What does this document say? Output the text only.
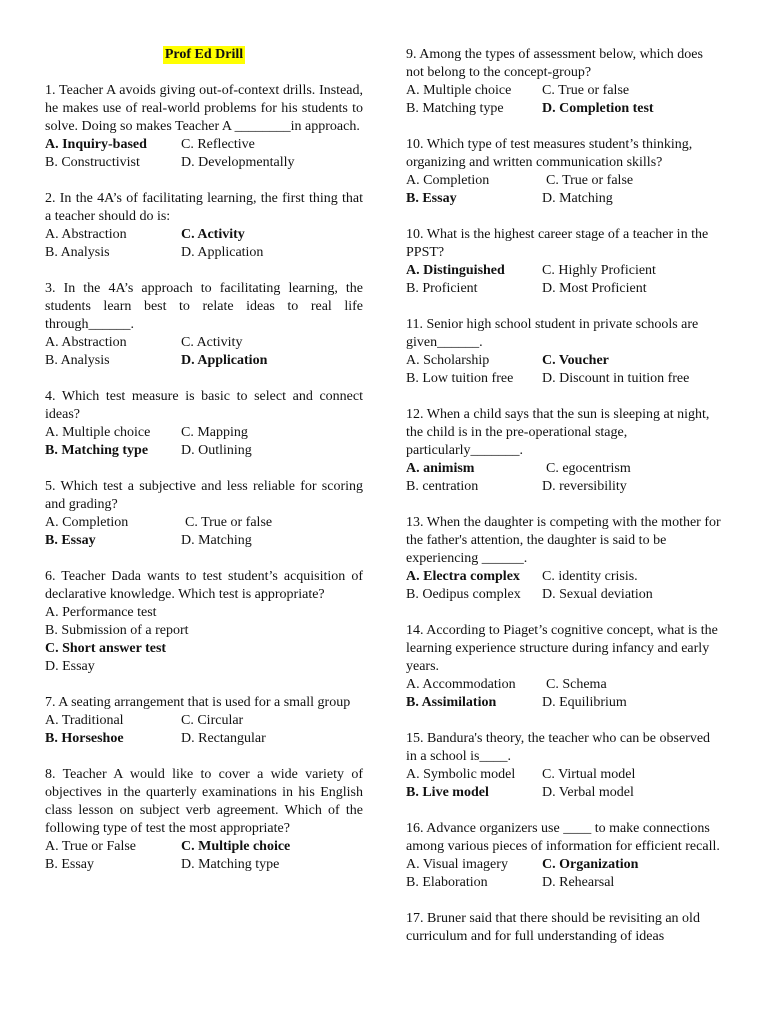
Prof Ed Drill

1. Teacher A avoids giving out-of-context drills. Instead, he makes use of real-world problems for his students to solve. Doing so makes Teacher A ________in approach.

A. Inquiry-based	C. Reflective
B. Constructivist	D. Developmentally

2. In the 4A’s of facilitating learning, the first thing that a teacher should do is:

A. Abstraction	C. Activity
B. Analysis	D. Application

3. In the 4A’s approach to facilitating learning, the students learn best to relate ideas to real life through______.

A. Abstraction	C. Activity
B. Analysis	D. Application

4. Which test measure is basic to select and connect ideas?

A. Multiple choice	C. Mapping
B. Matching type	D. Outlining

5. Which test a subjective and less reliable for scoring and grading?

A. Completion	C. True or false
B. Essay	D. Matching

6. Teacher Dada wants to test student’s acquisition of declarative knowledge. Which test is appropriate?

A. Performance test
B. Submission of a report
C. Short answer test
D. Essay

7. A seating arrangement that is used for a small group

A. Traditional	C. Circular
B. Horseshoe	D. Rectangular

8. Teacher A would like to cover a wide variety of objectives in the quarterly examinations in his English class lesson on subject verb agreement. Which of the following type of test the most appropriate?

A. True or False	C. Multiple choice
B. Essay	D. Matching type

9. Among the types of assessment below, which does not belong to the concept-group?

A. Multiple choice	C. True or false
B. Matching type	D. Completion test

10. Which type of test measures student’s thinking, organizing and written communication skills?

A. Completion	C. True or false
B. Essay	D. Matching

10. What is the highest career stage of a teacher in the PPST?

A. Distinguished	C. Highly Proficient
B. Proficient	D. Most Proficient

11. Senior high school student in private schools are given______.

A. Scholarship	C. Voucher
B. Low tuition free	D. Discount in tuition free

12. When a child says that the sun is sleeping at night, the child is in the pre-operational stage, particularly_______.

A. animism	C. egocentrism
B. centration	D. reversibility

13. When the daughter is competing with the mother for the father's attention, the daughter is said to be experiencing ______.

A. Electra complex	C. identity crisis.
B. Oedipus complex	D. Sexual deviation

14. According to Piaget’s cognitive concept, what is the learning experience structure during infancy and early years.

A. Accommodation	C. Schema
B. Assimilation	D. Equilibrium

15. Bandura's theory, the teacher who can be observed in a school is____.

A. Symbolic model	C. Virtual model
B. Live model	D. Verbal model

16. Advance organizers use ____ to make connections among various pieces of information for efficient recall.

A. Visual imagery	C. Organization
B. Elaboration	D. Rehearsal

17. Bruner said that there should be revisiting an old curriculum and for full understanding of ideas
